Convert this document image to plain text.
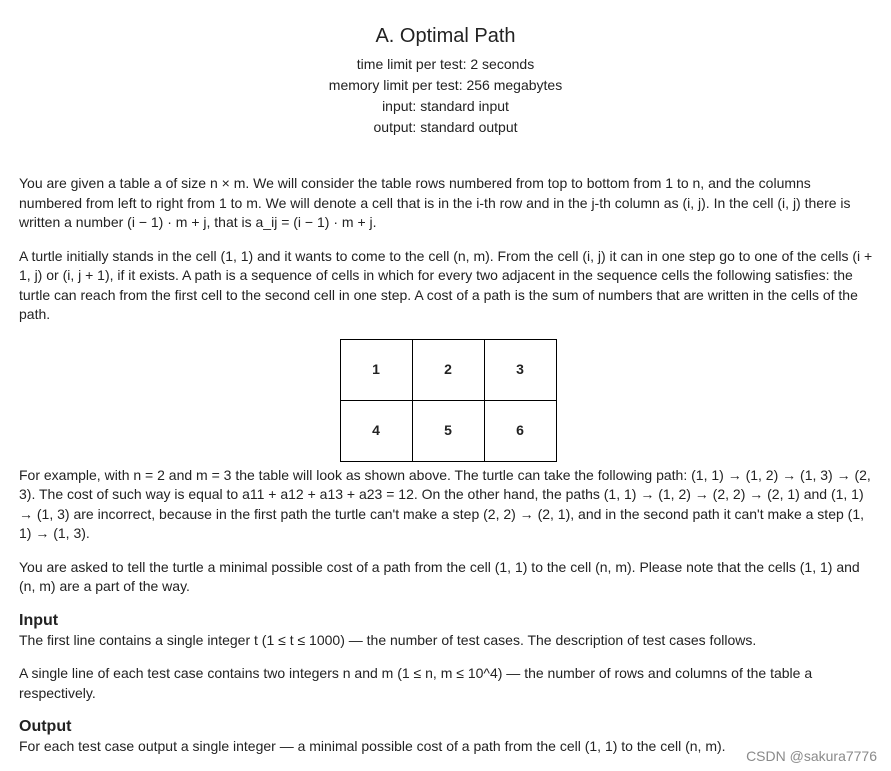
A. Optimal Path
time limit per test: 2 seconds
memory limit per test: 256 megabytes
input: standard input
output: standard output

You are given a table a of size n × m. We will consider the table rows numbered from top to bottom from 1 to n, and the columns numbered from left to right from 1 to m. We will denote a cell that is in the i-th row and in the j-th column as (i, j). In the cell (i, j) there is written a number (i − 1) · m + j, that is a_ij = (i − 1) · m + j.

A turtle initially stands in the cell (1, 1) and it wants to come to the cell (n, m). From the cell (i, j) it can in one step go to one of the cells (i + 1, j) or (i, j + 1), if it exists. A path is a sequence of cells in which for every two adjacent in the sequence cells the following satisfies: the turtle can reach from the first cell to the second cell in one step. A cost of a path is the sum of numbers that are written in the cells of the path.

1	2	3
4	5	6

For example, with n = 2 and m = 3 the table will look as shown above. The turtle can take the following path: (1, 1) → (1, 2) → (1, 3) → (2, 3). The cost of such way is equal to a11 + a12 + a13 + a23 = 12. On the other hand, the paths (1, 1) → (1, 2) → (2, 2) → (2, 1) and (1, 1) → (1, 3) are incorrect, because in the first path the turtle can't make a step (2, 2) → (2, 1), and in the second path it can't make a step (1, 1) → (1, 3).

You are asked to tell the turtle a minimal possible cost of a path from the cell (1, 1) to the cell (n, m). Please note that the cells (1, 1) and (n, m) are a part of the way.

Input

The first line contains a single integer t (1 ≤ t ≤ 1000) — the number of test cases. The description of test cases follows.

A single line of each test case contains two integers n and m (1 ≤ n, m ≤ 10^4) — the number of rows and columns of the table a respectively.

Output

For each test case output a single integer — a minimal possible cost of a path from the cell (1, 1) to the cell (n, m).

CSDN @sakura7776
